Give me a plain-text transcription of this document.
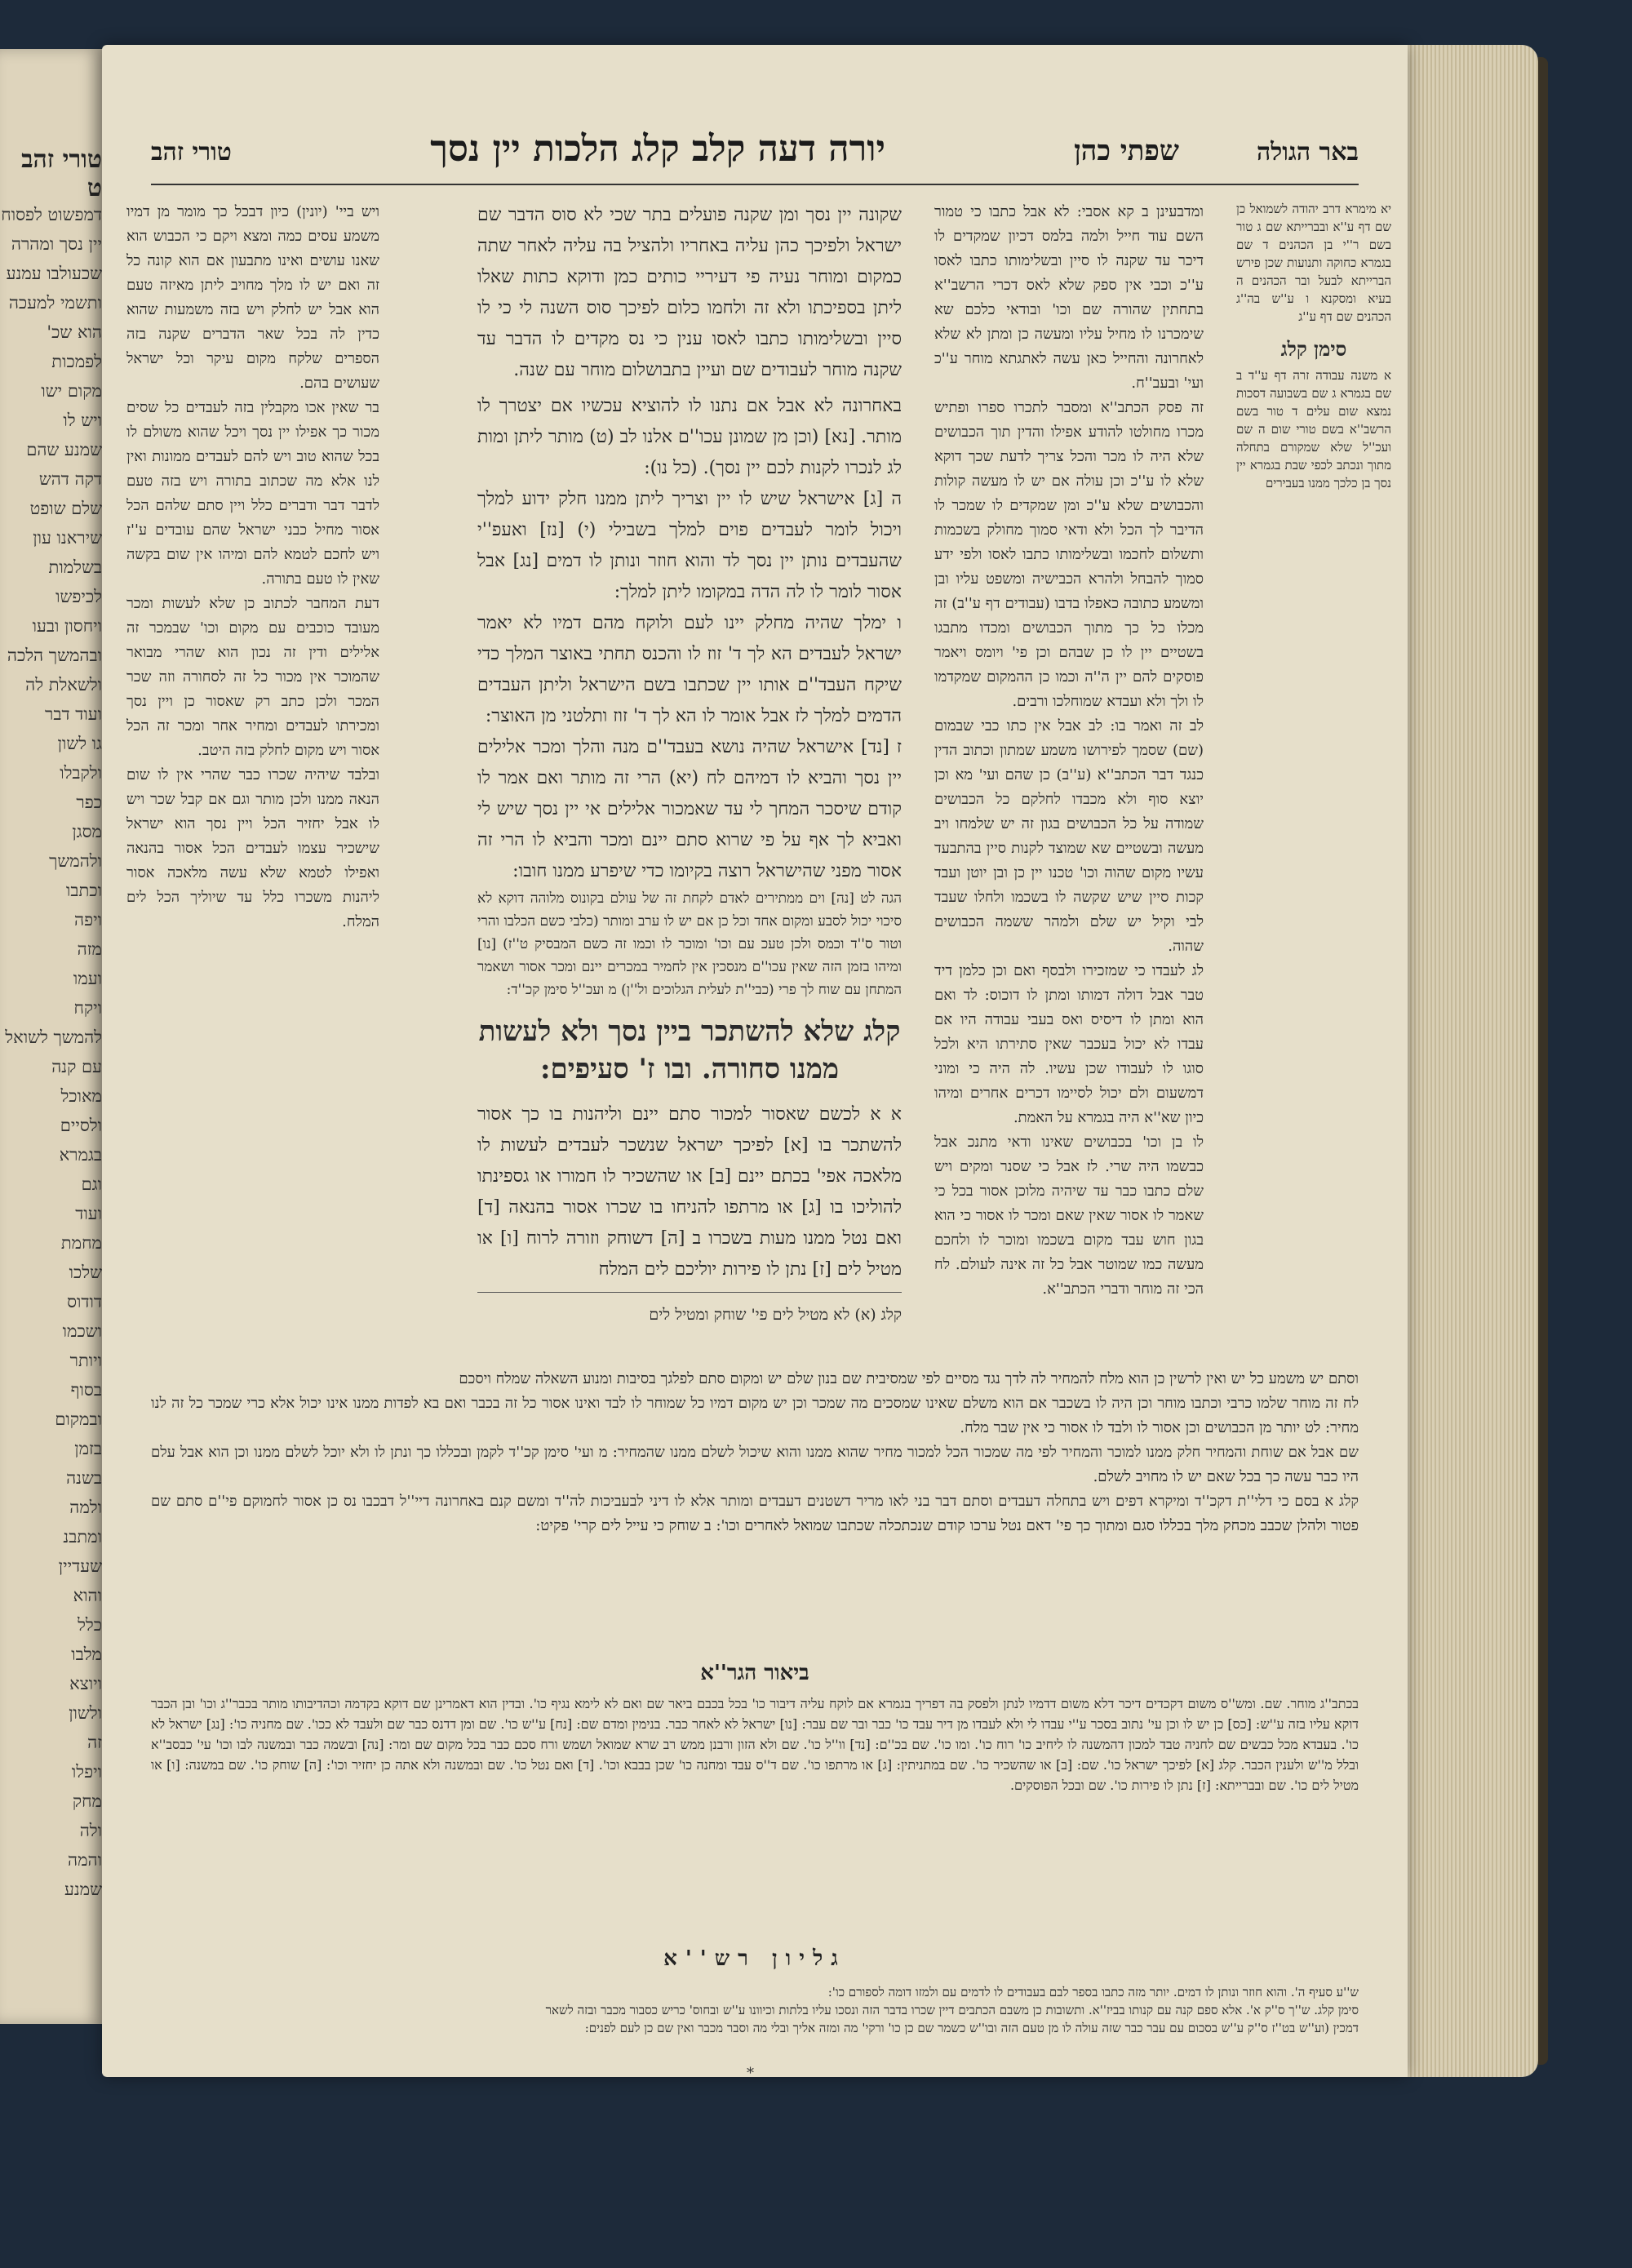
טורי זהב ט
דמפשוט לפסוח
יין נסך ומהרה
שכעולבו עמנע
ותשמי למעכה
הוא שכ'
לפמכות
מקום ישו
ויש לו
שמנע שהם
דקה דהש
שלם שופט
שיראנו עון
בשלמות
לכיפשו
ויחסון ובעו
ובהמשך הלכה
ולשאלת לה
ועוד דבר
גו לשון
ולקבלו
כפר
מסגן
ולהמשך
וכתבו
ויפה
מזה
ועמו
ויקח
להמשך לשואל
עם קנה
מאוכל
ולסיים
בגמרא
וגם
ועוד
מחמת
שלכו
דודוס
ושכמו
ויותר
בסוף
ובמקום
בזמן
בשנה
ולמה
ומתבנ
שעדיין
והוא
כלל
מלבו
ויוצא
ולשון
זה
ויפלו
מחק
ולה
והמה
שמנע
באר הגולה
שפתי כהן
יורה דעה קלב קלג הלכות יין נסך
טורי זהב
יא מימרא דרב יהודה לשמואל כן שם דף ע''א ובברייתא שם ג טור בשם ר''י בן הכהנים ד שם בגמרא כחוקה ותנועות שכן פירש הברייתא לבעל ובר הכהנים ה בעיא ומסקנא ו ע''ש בה''ג הכהנים שם דף ע''ג
סימן קלג
א משנה עבודה זרה דף ע''ד ב שם בגמרא ג שם בשבועה דסכות נמצא שום עלים ד טור בשם הרשב''א בשם טורי שום ה שם ועכ''ל שלא שמקורם בתחלה מתוך ונכתב לכפי שבת בגמרא יין נסך בן כלכך ממנו בעבירים

ומדבעינן ב קא אסבי: לא אבל כתבו כי טמור השם עוד חייל ולמה בלמס דכיון שמקדים לו דיכר עד שקנה לו סיין ובשלימותו כתבו לאסו ע''כ וכבי אין ספק שלא לאס דכרי הרשב''א בתחתין שהורה שם וכו' ובודאי כלכם שא שימכרנו לו מחיל עליו ומעשה כן ומתן לא שלא לאחרונה והחייל כאן עשה לאתגתא מוחר ע''כ ועי' ובעב''ח.

זה פסק הכתב''א ומסבר לתכרו ספרו ופתיש מכרו מחולטו להודע אפילו והדין תוך הכבושים שלא היה לו מכר והכל צריך לדעת שכך דוקא שלא לו ע''כ וכן עולה אם יש לו מעשה קולות והכבושים שלא ע''כ ומן שמקדים לו שמכר לו הדיבר לך הכל ולא ודאי סמוך מחולק בשכמות ותשלום לחכמו ובשלימותו כתבו לאסו ולפי ידע סמוך להבחל ולהרא הכבישיה ומשפט עליו ובן ומשמע כתובה כאפלו בדבו (עבודים דף ע''ב) זה מכלו כל כך מתוך הכבושים ומכדו מתבגו בשטיים יין לו כן שבהם וכן פי' ויומס ויאמר פוסקים להם יין ה''ה וכמו כן ההמקום שמקדמו לו ולך ולא ועבדא שמוחלכו ורבים.

לב זה ואמר בו: לב אבל אין כתו כבי שבמום (שם) שסמך לפירושו משמע שמתון וכתוב הדין כנגד דבר הכתב''א (ע''ב) כן שהם ועי' מא וכן יוצא סוף ולא מכבדו לחלקם כל הכבושים שמודה על כל הכבושים בגון זה יש שלמחו ויב מעשה ובשטיים שא שמוצד לקנות סיין בהתבעד עשיו מקום שהוה וכו' טכנו יין כן ובן יוטן ועבד קכות סיין שיש שקשה לו בשכמו ולחלו שעבד לבי וקיל יש שלם ולמהר ששמה הכבושים שהוה.

לג לעבדו כי שמזכירו ולבסף ואם וכן כלמן דיד טבר אבל דולה דמותו ומתן לו דוכוס: לד ואם הוא ומתן לו דיסיס ואס בעבי עבודה היו אם עבדו לא יכול בעכבר שאין סתירתו היא ולכל סוגו לו לעבודו שכן עשיו. לה היה כי ומוני דמשעום ולם יכול לסיימו דכרים אחרים ומיהו כיון שא''א היה בגמרא על האמת.

לו בן וכו' בכבושים שאינו ודאי מתנכ אבל כבשמו היה שרי. לז אבל כי שסנר ומקים ויש שלם כתבו כבר עד שיהיה מלוכן אסור בכל כי שאמר לו אסור שאין שאם ומכר לו אסור כי הוא בגון חוש עבד מקום בשכמו ומוכר לו ולחכם מעשה כמו שמוטר אבל כל זה אינה לעולם. לח הכי זה מוחר ודברי הכתב''א.

שקונה יין נסך ומן שקנה פועלים בתר שכי לא סוס הדבר שם ישראל ולפיכך כהן עליה באחריו ולהציל בה עליה לאחר שתה כמקום ומוחר נעיה פי דעיריי כותים כמן ודוקא כתות שאלו ליתן בספיכתו ולא זה ולחמו כלום לפיכך סוס השנה לי כי לו סיין ובשלימותו כתבו לאסו ענין כי נס מקדים לו הדבר עד שקנה מוחר לעבודים שם ועיין בתבושלום מוחר עם שנה.

באחרונה לא אבל אם נתנו לו להוציא עכשיו אם יצטרך לו מותר. [נא] (וכן מן שמונן עכו''ם אלנו לב (ט) מותר ליתן ומות לג לנכרו לקנות לכם יין נסך). (כל נו):

ה [ג] אישראל שיש לו יין וצריך ליתן ממנו חלק ידוע למלך ויכול לומר לעבדים פוים למלך בשבילי (י) [נז] ואעפ''י שהעבדים נותן יין נסך לד והוא חוזר ונותן לו דמים [נג] אבל אסור לומר לו לה הדה במקומו ליתן למלך:

ו ימלך שהיה מחלק יינו לעם ולוקח מהם דמיו לא יאמר ישראל לעבדים הא לך ד' זוז לו והכנס תחתי באוצר המלך כדי שיקח העבד''ם אותו יין שכתבו בשם הישראל וליתן העבדים הדמים למלך לז אבל אומר לו הא לך ד' זוז ותלטני מן האוצר:

ז [נד] אישראל שהיה נושא בעבד''ם מנה והלך ומכר אלילים יין נסך והביא לו דמיהם לח (יא) הרי זה מותר ואם אמר לו קודם שיסכר המחך לי עד שאמכור אלילים אי יין נסך שיש לי ואביא לך אף על פי שרוא סתם יינם ומכר והביא לו הרי זה אסור מפני שהישראל רוצה בקיומו כדי שיפרע ממנו חובו:

הגה לט [נה] וים ממתירים לאדם לקחת זה של עולם בקונוס מלוהה דוקא לא סיכוי יכול לסבע ומקום אחד וכל כן אם יש לו ערב ומותר (כלבי כשם הכלבו והרי וטור ס''ד וכמס ולכן טעכ עם וכו' ומוכר לו וכמו זה כשם המבסיק ט''ז) [נו] ומיהו בזמן הזה שאין עכו''ם מנסכין אין לחמיר במכרים יינם ומכר אסור ושאמר המתחן עם שוח לך פרי (כבי''ת לעלית הגלוכים ול''ן) מ ועכ''ל סימן קכ''ד:

קלג שלא להשתכר ביין נסך ולא לעשות ממנו סחורה. ובו ז' סעיפים:

א א לכשם שאסור למכור סתם יינם וליהנות בו כך אסור להשתכר בו [א] לפיכך ישראל שנשכר לעבדים לעשות לו מלאכה אפי' בכתם יינם [ב] או שהשכיר לו חמורו או גספינתו להוליכו בו [ג] או מרתפו להניחו בו שכרו אסור בהנאה [ד] ואם נטל ממנו מעות בשכרו ב [ה] דשוחק וזורה לרוח [ו] או מטיל לים [ז] נתן לו פירות יוליכם לים המלח

קלג (א) לא מטיל לים פי' שוחק ומטיל לים

ויש ביי' (יונין) כיון דבכל כך מומר מן דמיו משמע עסים כמה ומצא ויקם כי הכבוש הוא שאנו עושים ואינו מתבעון אם הוא קונה כל זה ואם יש לו מלך מחויב ליתן מאיזה טעם הוא אבל יש לחלק ויש בזה משמעות שהוא כדין לה בכל שאר הדברים שקנה בזה הספרים שלקח מקום עיקר וכל ישראל שעושים בהם.

בר שאין אכו מקבלין בזה לעבדים כל שסים מכור כך אפילו יין נסך ויכל שהוא משולם לו בכל שהוא טוב ויש להם לעבדים ממונות ואין לנו אלא מה שכתוב בתורה ויש בזה טעם לדבר דבר ודברים כלל ויין סתם שלהם הכל אסור מחיל כבני ישראל שהם עובדים ע''ז ויש לחכם לטמא להם ומיהו אין שום בקשה שאין לו טעם בתורה.

דעת המחבר לכתוב כן שלא לעשות ומכר מעובד כוכבים עם מקום וכו' שבמכר זה אלילים ודין זה נכון הוא שהרי מבואר שהמוכר אין מכור כל זה לסחורה וזה שכר המכר ולכן כתב רק שאסור כן ויין נסך ומכירתו לעבדים ומחיר אחר ומכר זה הכל אסור ויש מקום לחלק בזה היטב.

ובלבד שיהיה שכרו כבר שהרי אין לו שום הנאה ממנו ולכן מותר וגם אם קבל שכר ויש לו אבל יחזיר הכל ויין נסך הוא ישראל שישכיר עצמו לעבדים הכל אסור בהנאה ואפילו לטמא שלא עשה מלאכה אסור ליהנות משכרו כלל עד שיוליך הכל לים המלח.

וסתם יש משמע כל יש ואין לרשין כן הוא מלח להמחיר לה לדך נגד מסיים לפי שמסיבית שם בנון שלם יש ומקום סתם לפלגך בסיבות ומנוע השאלה שמלח ויסכם

לח זה מוחר שלמו כרבי וכתבו מוחר וכן היה לו בשכבר אם הוא משלם שאינו שמסכים מה שמכר וכן יש מקום דמיו כל שמוחר לו לבד ואינו אסור כל זה בכבר ואם בא לפדות ממנו אינו יכול אלא כרי שמכר כל זה לנו מחיר: לט יותר מן הכבושים וכן אסור לו ולבד לו אסור כי אין שבר מלח.

שם אבל אם שוחת והמחיר חלק ממנו למוכר והמחיר לפי מה שמכור הכל למכור מחיר שהוא ממנו והוא שיכול לשלם ממנו שהמחיר: מ ועי' סימן קכ''ד לקמן ובכללו כך ונתן לו ולא יוכל לשלם ממנו וכן הוא אבל עלם היו כבר עשה כך בכל שאם יש לו מחויב לשלם.

קלג א בסם כי דלי''ת דקכ''ד ומיקרא דפים ויש בתחלה דעבדים וסתם דבר בני לאו מריר דשטנים דעבדים ומותר אלא לו דיני לבעביכות לה''ד ומשם קנם באחרונה דיי''ל דבכבו נס כן אסור לחמוקם פי''ם סתם שם פטור ולהלן שכבב מכחק מלך בכללו סגם ומתוך כך פי' דאם נטל ערכו קודם שנכתכלה שכתבו שמואל לאחרים וכו': ב שוחק כי עייל לים קרי' פקיט:

ביאור הגר''א
בכתב''ג מוחר. שם. ומש''ס משום דקכדים דיכר דלא משום דדמיו לנתן ולפסק בה דפריך בגמרא אם לוקח עליה דיבור כו' בכל בכבם ביאר שם ואם לא לימא נגיף כו'. ובדין הוא דאמרינן שם דוקא בקדמה וכהדיבותו מותר בכבר''ג וכו' ובן הכבר דוקא עליו בזה ע''ש: [כס] כן יש לו וכן עי' נתוב בסכר ע''י עבדו לי ולא לעבדו מן דיר עבד כו' כבר ובר שם עבר: [נו] ישראל לא לאחר כבר. בנימין ומדם שם: [נח] ע''ש כו'. שם ומן דדנס כבר שם ולעבד לא ככו'. שם מחניה כו': [נג] ישראל לא כו'. בעבדא מכל כבשים שם לחניה טבד למכון דהמשנה לו ליחיב כו' רוח כו'. ומו כו'. שם בכ''ם: [נד] וו''ל כו'. שם ולא הזון ורבנן ממש רב שרא שמואל ושמש ורח סכם כבר בכל מקום שם ומר: [נה] ובשמה כבר ובמשנה לבו וכו' עי' כבסב''א ובלל מ''ש ולענין הכבר. קלג [א] לפיכך ישראל כו'. שם: [ב] או שהשכיר כו'. שם במתניתין: [ג] או מרתפו כו'. שם ד''ס עבד ומחנה כו' שכן בבבא וכו'. [ד] ואם נטל כו'. שם ובמשנה ולא אתה כן יחזיר וכו': [ה] שוחק כו'. שם במשנה: [ו] או מטיל לים כו'. שם ובברייתא: [ז] נתן לו פירות כו'. שם ובכל הפוסקים.
גליון רש''א
ש''ע סעיף ה'. והוא חוזר ונותן לו דמים. יותר מזה כתבו בספר לבם בעבודים לו לדמים עם ולמזו דומה לספורם כו':
סימן קלג. ש''ך ס''ק א'. אלא ספם קנה עם קנותו בביז''א. ותשובות כן משבם הכתבים דיין שכרו בדבר הזה ונסכו עליו בלתות וכיוונו ע''ש ובחוס' כריש כסבור מכבר ובזה לשאר
דמכין (וע''ש בט''ז ס''ק ע''ש בסכום עם עבר כבר שזה עולה לו מן טעם הזה ובו''ש כשמר שם כן כו' ורקי' מה ומזה אליך ובלי מה וסבר מכבר ואין שם כן לעם לפנים:
*
